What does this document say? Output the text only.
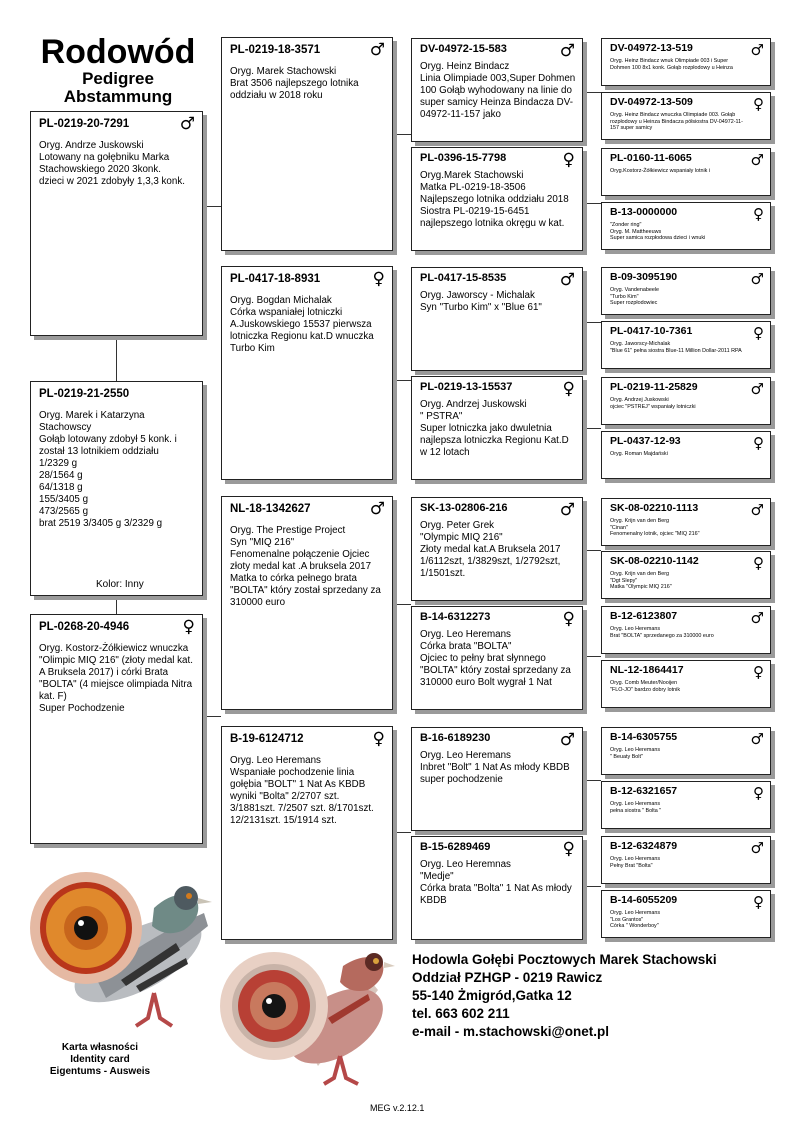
Rodowód
Pedigree
Abstammung
PL-0219-20-7291	♂
Oryg. Andrze Juskowski
Lotowany na gołębniku Marka Stachowskiego 2020 3konk.
dzieci w 2021 zdobyły 1,3,3 konk.
PL-0219-21-2550
Oryg. Marek i Katarzyna Stachowscy
Gołąb lotowany zdobył 5 konk. i został 13 lotnikiem oddziału
1/2329 g
28/1564 g
64/1318 g
155/3405 g
473/2565 g
brat 2519 3/3405 g 3/2329 g
Kolor: Inny
PL-0268-20-4946	♀
Oryg. Kostorz-Żółkiewicz wnuczka "Olimpic MIQ 216" (złoty medal kat. A Bruksela 2017) i córki Brata "BOLTA" (4 miejsce olimpiada Nitra kat. F)
Super Pochodzenie
PL-0219-18-3571	♂
Oryg. Marek Stachowski
Brat 3506 najlepszego lotnika oddziału w 2018 roku
PL-0417-18-8931	♀
Oryg. Bogdan Michalak
Córka wspaniałej lotniczki A.Juskowskiego 15537 pierwsza lotniczka Regionu kat.D wnuczka Turbo Kim
NL-18-1342627	♂
Oryg. The Prestige Project
Syn "MIQ 216"
Fenomenalne połączenie Ojciec złoty medal kat .A bruksela 2017
Matka to córka pełnego brata "BOLTA" który został sprzedany za 310000 euro
B-19-6124712	♀
Oryg. Leo Heremans
Wspaniałe pochodzenie linia gołębia "BOLT" 1 Nat As KBDB
wyniki "Bolta" 2/2707 szt.
3/1881szt. 7/2507 szt. 8/1701szt.
12/2131szt. 15/1914 szt.
DV-04972-15-583	♂
Oryg. Heinz Bindacz
Linia Olimpiade 003,Super Dohmen 100 Gołąb wyhodowany na linie do super samicy Heinza Bindacza DV-04972-11-157 jako
PL-0396-15-7798	♀
Oryg.Marek Stachowski
Matka PL-0219-18-3506
Najlepszego lotnika oddziału 2018 Siostra PL-0219-15-6451 najlepszego lotnika okręgu w kat.
PL-0417-15-8535	♂
Oryg. Jaworscy - Michalak
Syn "Turbo Kim" x "Blue 61"
PL-0219-13-15537	♀
Oryg. Andrzej Juskowski
" PSTRA"
Super lotniczka jako dwuletnia najlepsza lotniczka Regionu Kat.D w 12 lotach
SK-13-02806-216	♂
Oryg. Peter Grek
"Olympic MIQ 216"
Złoty medal kat.A Bruksela 2017
1/6112szt, 1/3829szt, 1/2792szt, 1/1501szt.
B-14-6312273	♀
Oryg. Leo Heremans
Córka brata "BOLTA"
Ojciec to pełny brat słynnego "BOLTA" który został sprzedany za 310000 euro Bolt wygrał 1 Nat
B-16-6189230	♂
Oryg. Leo Heremans
Inbret "Bolt" 1 Nat As młody KBDB super pochodzenie
B-15-6289469	♀
Oryg. Leo Heremnas
"Medje"
Córka brata "Bolta" 1 Nat As młody KBDB
DV-04972-13-519	♂
Oryg. Heinz Bindacz wnuk Olimpiade 003 i Super Dohmen 100 8x1 konk. Gołąb rozpłodowy u Heinza
DV-04972-13-509	♀
Oryg. Heinz Bindacz wnuczka Olimpiade 003. Gołąb rozpłodowy u Heinza Bindacza półsiostra DV-04972-11-157 super samicy
PL-0160-11-6065	♂
Oryg.Kostorz-Żółkiewicz wspaniały lotnik i
B-13-0000000	♀
"Zonder ring"
Oryg. M. Mattheeuws
Super samica rozpłodowa dzieci i wnuki
B-09-3095190	♂
Oryg. Vandenabeele
"Turbo Kim"
Super rozpłodowiec
PL-0417-10-7361	♀
Oryg. Jaworscy-Michalak
"Blue 61" pełna siostra Blue-11 Million Dollar-2011 RPA
PL-0219-11-25829	♂
Oryg. Andrzej Juskowski
ojciec "PSTREJ" wspaniały lotniczki
PL-0437-12-93	♀
Oryg. Roman Majdański
SK-08-02210-1113	♂
Oryg. Krijn van den Berg
"Cinan"
Fenomenalny lotnik, ojciec "MIQ 216"
SK-08-02210-1142	♀
Oryg. Krijn van den Berg
"Dgt Slepy"
Matka "Olympic MIQ 216"
B-12-6123807	♂
Oryg. Leo Heremans
Brat "BOLTA" sprzedanego za 310000 euro
NL-12-1864417	♀
Oryg. Comb Meuter/Nooijen
"FLO-JO" bardzo dobry lotnik
B-14-6305755	♂
Oryg. Leo Heremans
" Beuaty Bolt"
B-12-6321657	♀
Oryg. Leo Heremans
pełna siostra " Bolta "
B-12-6324879	♂
Oryg. Leo Heremans
Pełny Brat "Bolta"
B-14-6055209	♀
Oryg. Leo Heremans
"Los Grantos"
Córka " Wonderboy"
Hodowla Gołębi Pocztowych Marek Stachowski
Oddział PZHGP - 0219 Rawicz
55-140 Żmigród,Gatka 12
tel. 663 602 211
e-mail - m.stachowski@onet.pl
Karta własności
Identity card
Eigentums - Ausweis
MEG v.2.12.1
